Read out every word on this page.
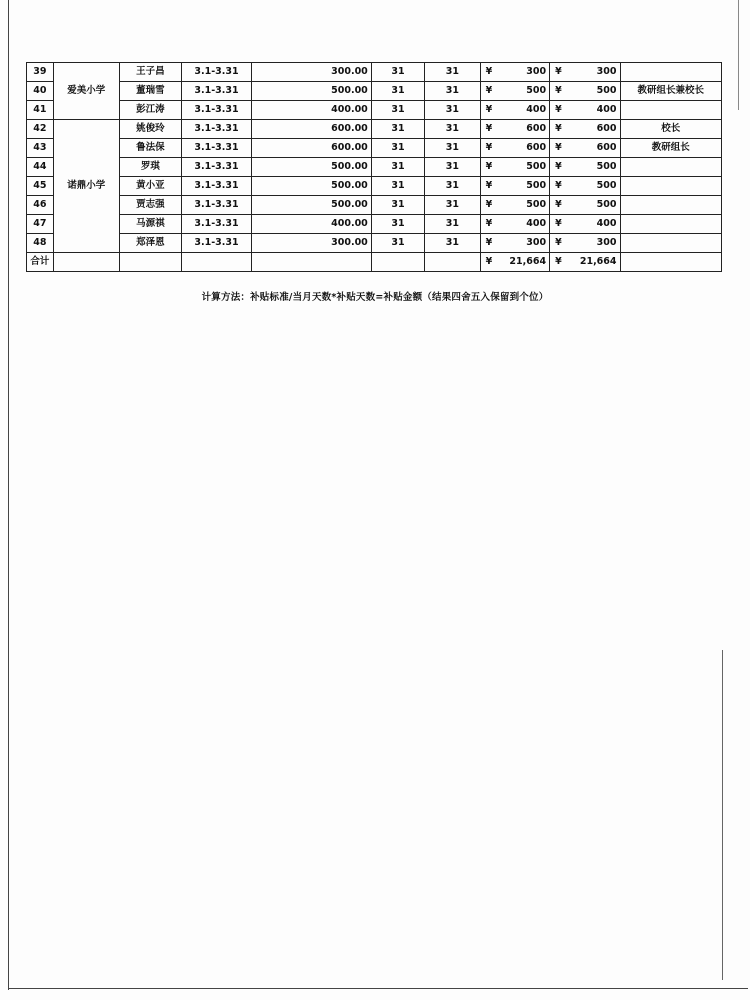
39	爱美小学	王子昌	3.1-3.31	300.00	31	31	¥ 300	¥ 300	

40		董瑞雪	3.1-3.31	500.00	31	31	¥ 500	¥ 500	教研组长兼校长
41		彭江涛	3.1-3.31	400.00	31	31	¥ 400	¥ 400	

42	诺鼎小学	姚俊玲	3.1-3.31	600.00	31	31	¥ 600	¥ 600	校长
43		鲁法保	3.1-3.31	600.00	31	31	¥ 600	¥ 600	教研组长
44		罗琪	3.1-3.31	500.00	31	31	¥ 500	¥ 500	

45		黄小亚	3.1-3.31	500.00	31	31	¥ 500	¥ 500	

46		贾志强	3.1-3.31	500.00	31	31	¥ 500	¥ 500	

47		马源祺	3.1-3.31	400.00	31	31	¥ 400	¥ 400	

48		郑泽恩	3.1-3.31	300.00	31	31	¥ 300	¥ 300	

合计							¥ 21,664	¥ 21,664	

计算方法：补贴标准/当月天数*补贴天数=补贴金额（结果四舍五入保留到个位）
